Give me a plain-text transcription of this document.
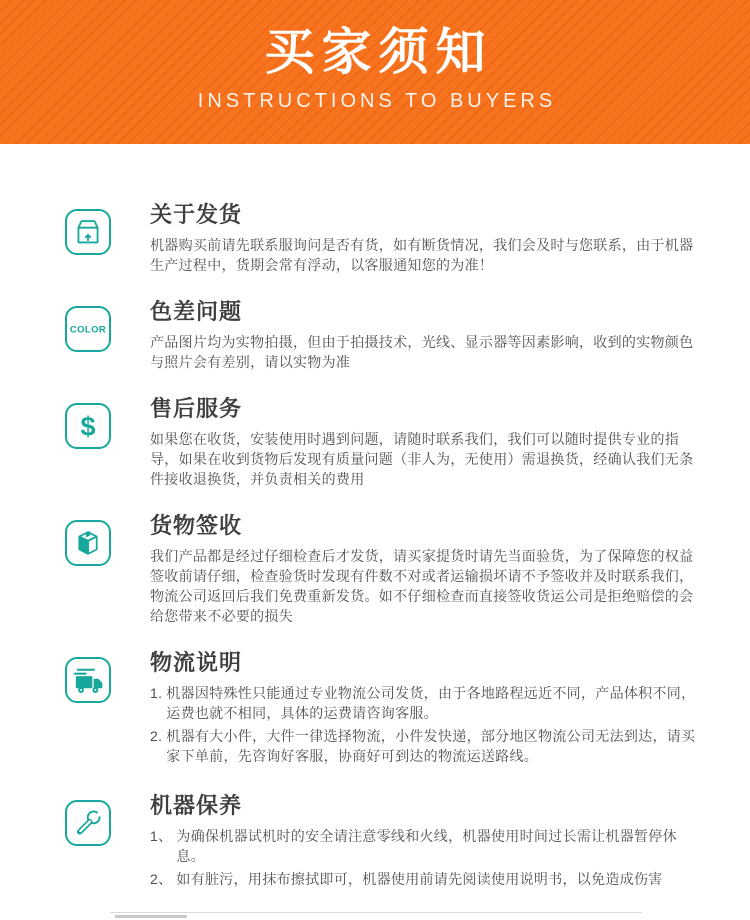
买家须知
INSTRUCTIONS TO BUYERS
关于发货

机器购买前请先联系服询问是否有货，如有断货情况，我们会及时与您联系，由于机器生产过程中，货期会常有浮动，以客服通知您的为准！

COLOR
色差问题

产品图片均为实物拍摄，但由于拍摄技术，光线、显示器等因素影响，收到的实物颜色与照片会有差别，请以实物为准

$
售后服务

如果您在收货，安装使用时遇到问题，请随时联系我们，我们可以随时提供专业的指导，如果在收到货物后发现有质量问题（非人为，无使用）需退换货，经确认我们无条件接收退换货，并负责相关的费用

货物签收

我们产品都是经过仔细检查后才发货，请买家提货时请先当面验货，为了保障您的权益签收前请仔细，检查验货时发现有件数不对或者运输损坏请不予签收并及时联系我们，物流公司返回后我们免费重新发货。如不仔细检查而直接签收货运公司是拒绝赔偿的会给您带来不必要的损失

物流说明
1. 机器因特殊性只能通过专业物流公司发货，由于各地路程远近不同，产品体积不同，运费也就不相同，具体的运费请咨询客服。
2. 机器有大小件，大件一律选择物流，小件发快递，部分地区物流公司无法到达，请买家下单前，先咨询好客服，协商好可到达的物流运送路线。
机器保养
1、 为确保机器试机时的安全请注意零线和火线，机器使用时间过长需让机器暂停休息。
2、 如有脏污，用抹布擦拭即可，机器使用前请先阅读使用说明书，以免造成伤害
